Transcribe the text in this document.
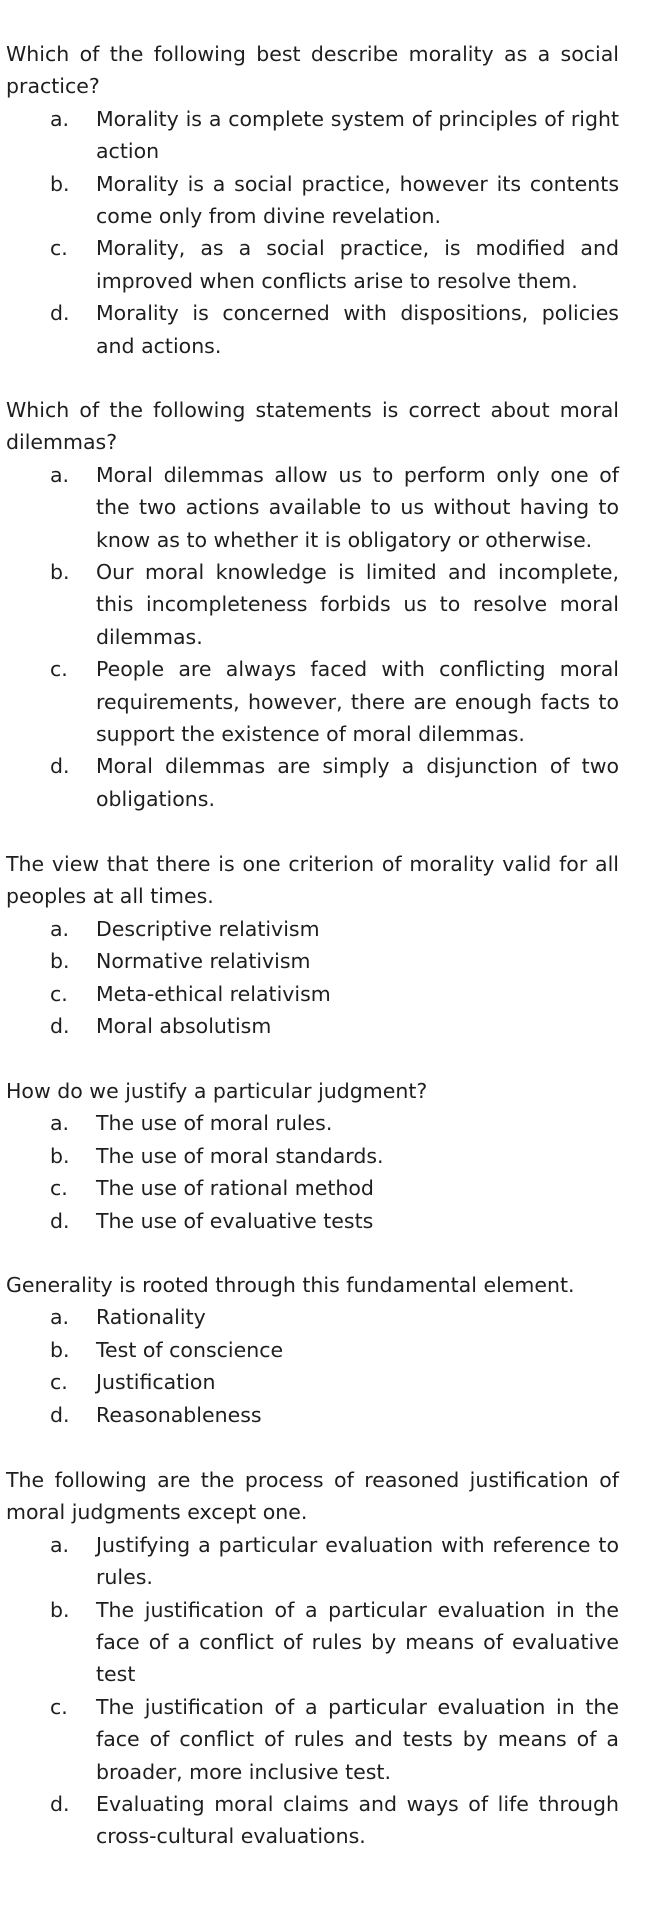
Which of the following best describe morality as a social practice?
a.	Morality is a complete system of principles of right action
b.	Morality is a social practice, however its contents come only from divine revelation.
c.	Morality, as a social practice, is modified and improved when conflicts arise to resolve them.
d.	Morality is concerned with dispositions, policies and actions.
Which of the following statements is correct about moral dilemmas?
a.	Moral dilemmas allow us to perform only one of the two actions available to us without having to know as to whether it is obligatory or otherwise.
b.	Our moral knowledge is limited and incomplete, this incompleteness forbids us to resolve moral dilemmas.
c.	People are always faced with conflicting moral requirements, however, there are enough facts to support the existence of moral dilemmas.
d.	Moral dilemmas are simply a disjunction of two obligations.
The view that there is one criterion of morality valid for all peoples at all times.
a.	Descriptive relativism
b.	Normative relativism
c.	Meta-ethical relativism
d.	Moral absolutism
How do we justify a particular judgment?
a.	The use of moral rules.
b.	The use of moral standards.
c.	The use of rational method
d.	The use of evaluative tests
Generality is rooted through this fundamental element.
a.	Rationality
b.	Test of conscience
c.	Justification
d.	Reasonableness
The following are the process of reasoned justification of moral judgments except one.
a.	Justifying a particular evaluation with reference to rules.
b.	The justification of a particular evaluation in the face of a conflict of rules by means of evaluative test
c.	The justification of a particular evaluation in the face of conflict of rules and tests by means of a broader, more inclusive test.
d.	Evaluating moral claims and ways of life through cross-cultural evaluations.
